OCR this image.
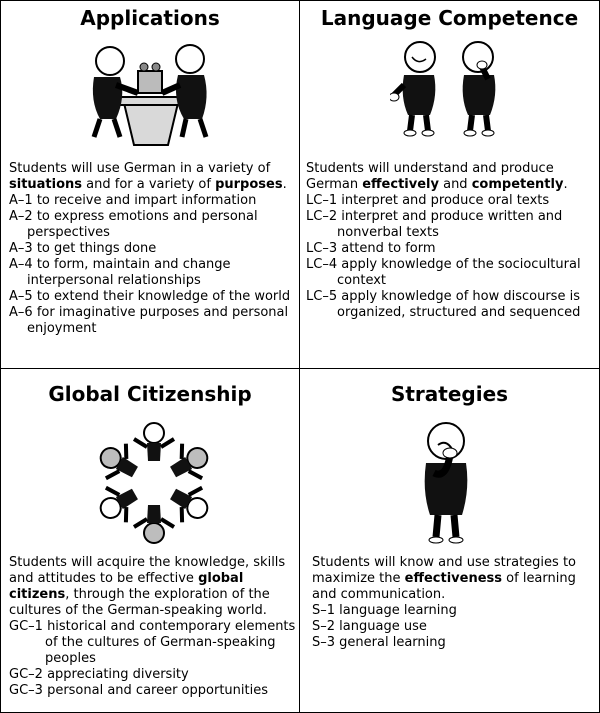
Applications

Students will use German in a variety of situations and for a variety of purposes.

A–1 to receive and impart information
A–2 to express emotions and personal perspectives
A–3 to get things done
A–4 to form, maintain and change interpersonal relationships
A–5 to extend their knowledge of the world
A–6 for imaginative purposes and personal enjoyment
Language Competence

Students will understand and produce German effectively and competently.

LC–1 interpret and produce oral texts
LC–2 interpret and produce written and nonverbal texts
LC–3 attend to form
LC–4 apply knowledge of the sociocultural context
LC–5 apply knowledge of how discourse is organized, structured and sequenced
Global Citizenship

Students will acquire the knowledge, skills and attitudes to be effective global citizens, through the exploration of the cultures of the German-speaking world.

GC–1 historical and contemporary elements of the cultures of German-speaking peoples
GC–2 appreciating diversity
GC–3 personal and career opportunities
Strategies

Students will know and use strategies to maximize the effectiveness of learning and communication.

S–1 language learning
S–2 language use
S–3 general learning
